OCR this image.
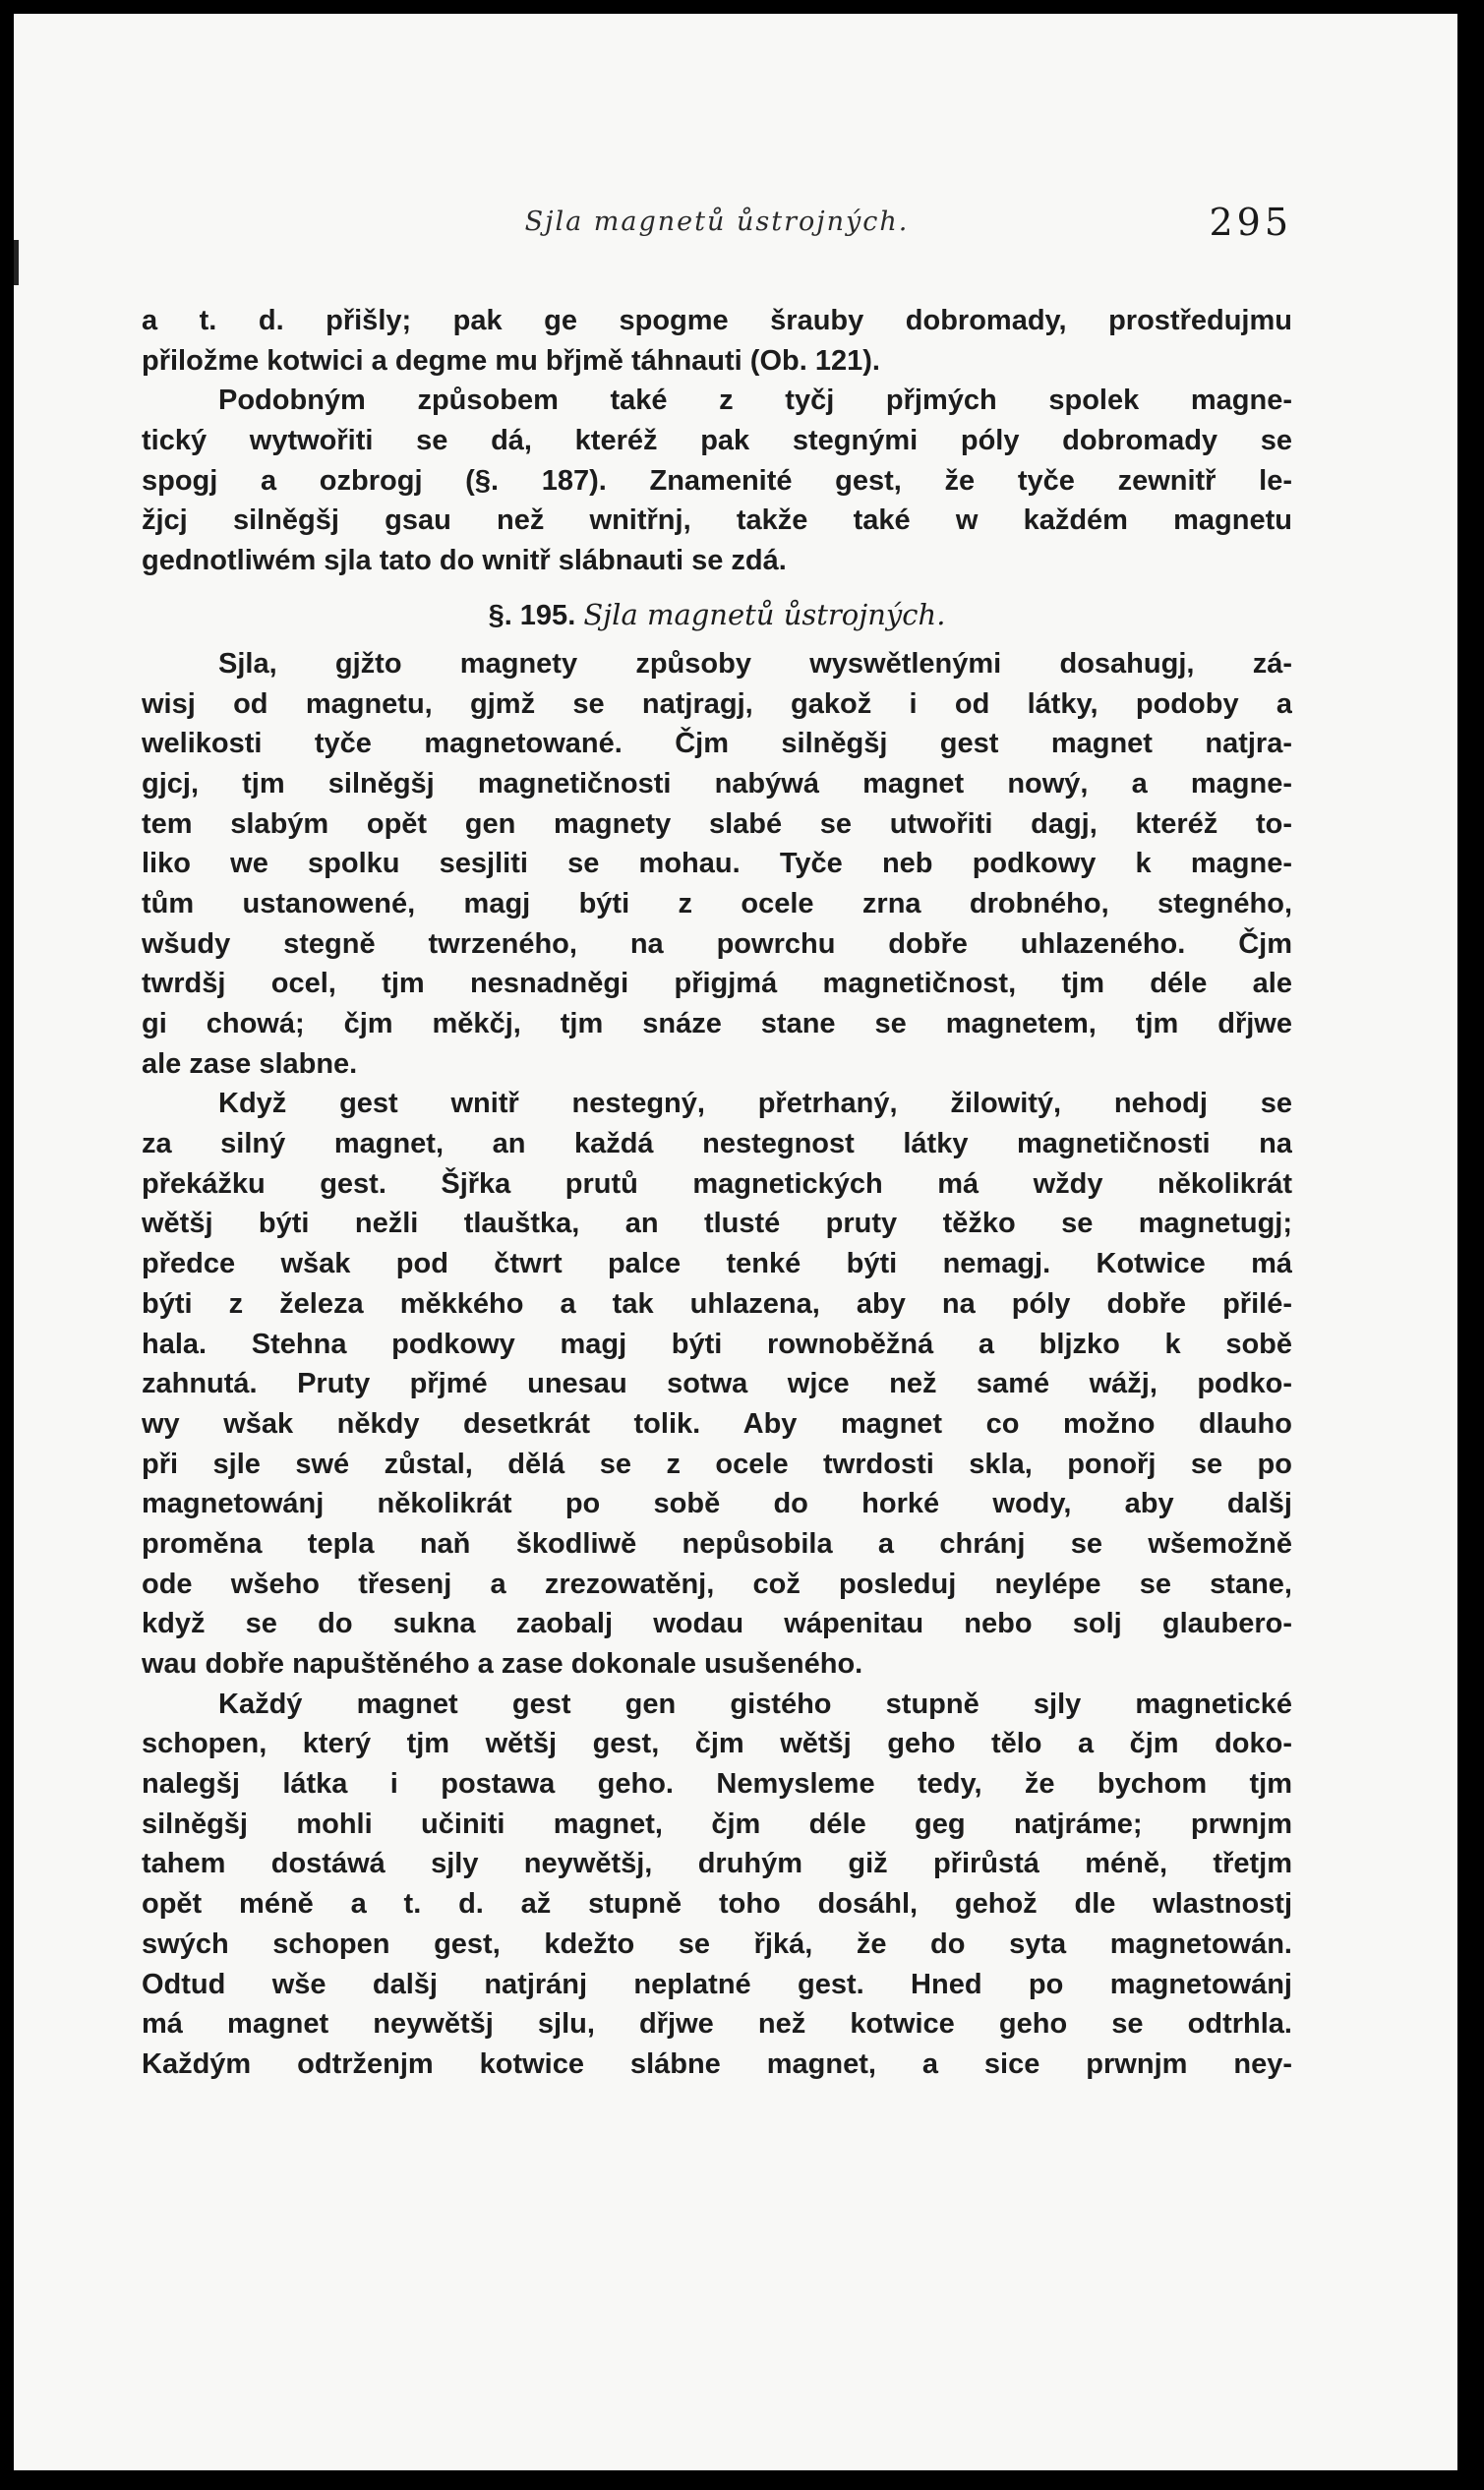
Sjla magnetů ůstrojných.	295

a t. d. přišly; pak ge spogme šrauby dobromady, prostředujmu
přiložme kotwici a degme mu břjmě táhnauti (Ob. 121).

Podobným způsobem také z tyčj přjmých spolek magne-
tický wytwořiti se dá, kteréž pak stegnými póly dobromady se
spogj a ozbrogj (§. 187). Znamenité gest, že tyče zewnitř le-
žjcj silněgšj gsau než wnitřnj, takže také w každém magnetu
gednotliwém sjla tato do wnitř slábnauti se zdá.

§. 195. Sjla magnetů ůstrojných.

Sjla, gjžto magnety způsoby wyswětlenými dosahugj, zá-
wisj od magnetu, gjmž se natjragj, gakož i od látky, podoby a
welikosti tyče magnetowané. Čjm silněgšj gest magnet natjra-
gjcj, tjm silněgšj magnetičnosti nabýwá magnet nowý, a magne-
tem slabým opět gen magnety slabé se utwořiti dagj, kteréž to-
liko we spolku sesjliti se mohau. Tyče neb podkowy k magne-
tům ustanowené, magj býti z ocele zrna drobného, stegného,
wšudy stegně twrzeného, na powrchu dobře uhlazeného. Čjm
twrdšj ocel, tjm nesnadněgi přigjmá magnetičnost, tjm déle ale
gi chowá; čjm měkčj, tjm snáze stane se magnetem, tjm dřjwe
ale zase slabne.

Když gest wnitř nestegný, přetrhaný, žilowitý, nehodj se
za silný magnet, an každá nestegnost látky magnetičnosti na
překážku gest. Šjřka prutů magnetických má wždy několikrát
wětšj býti nežli tlauštka, an tlusté pruty těžko se magnetugj;
předce wšak pod čtwrt palce tenké býti nemagj. Kotwice má
býti z železa měkkého a tak uhlazena, aby na póly dobře přilé-
hala. Stehna podkowy magj býti rownoběžná a bljzko k sobě
zahnutá. Pruty přjmé unesau sotwa wjce než samé wážj, podko-
wy wšak někdy desetkrát tolik. Aby magnet co možno dlauho
při sjle swé zůstal, dělá se z ocele twrdosti skla, ponořj se po
magnetowánj několikrát po sobě do horké wody, aby dalšj
proměna tepla naň škodliwě nepůsobila a chránj se wšemožně
ode wšeho třesenj a zrezowatěnj, což posleduj neylépe se stane,
když se do sukna zaobalj wodau wápenitau nebo solj glaubero-
wau dobře napuštěného a zase dokonale usušeného.

Každý magnet gest gen gistého stupně sjly magnetické
schopen, který tjm wětšj gest, čjm wětšj geho tělo a čjm doko-
nalegšj látka i postawa geho. Nemysleme tedy, že bychom tjm
silněgšj mohli učiniti magnet, čjm déle geg natjráme; prwnjm
tahem dostáwá sjly neywětšj, druhým giž přirůstá méně, třetjm
opět méně a t. d. až stupně toho dosáhl, gehož dle wlastnostj
swých schopen gest, kdežto se řjká, že do syta magnetowán.
Odtud wše dalšj natjránj neplatné gest. Hned po magnetowánj
má magnet neywětšj sjlu, dřjwe než kotwice geho se odtrhla.
Každým odtrženjm kotwice slábne magnet, a sice prwnjm ney-
